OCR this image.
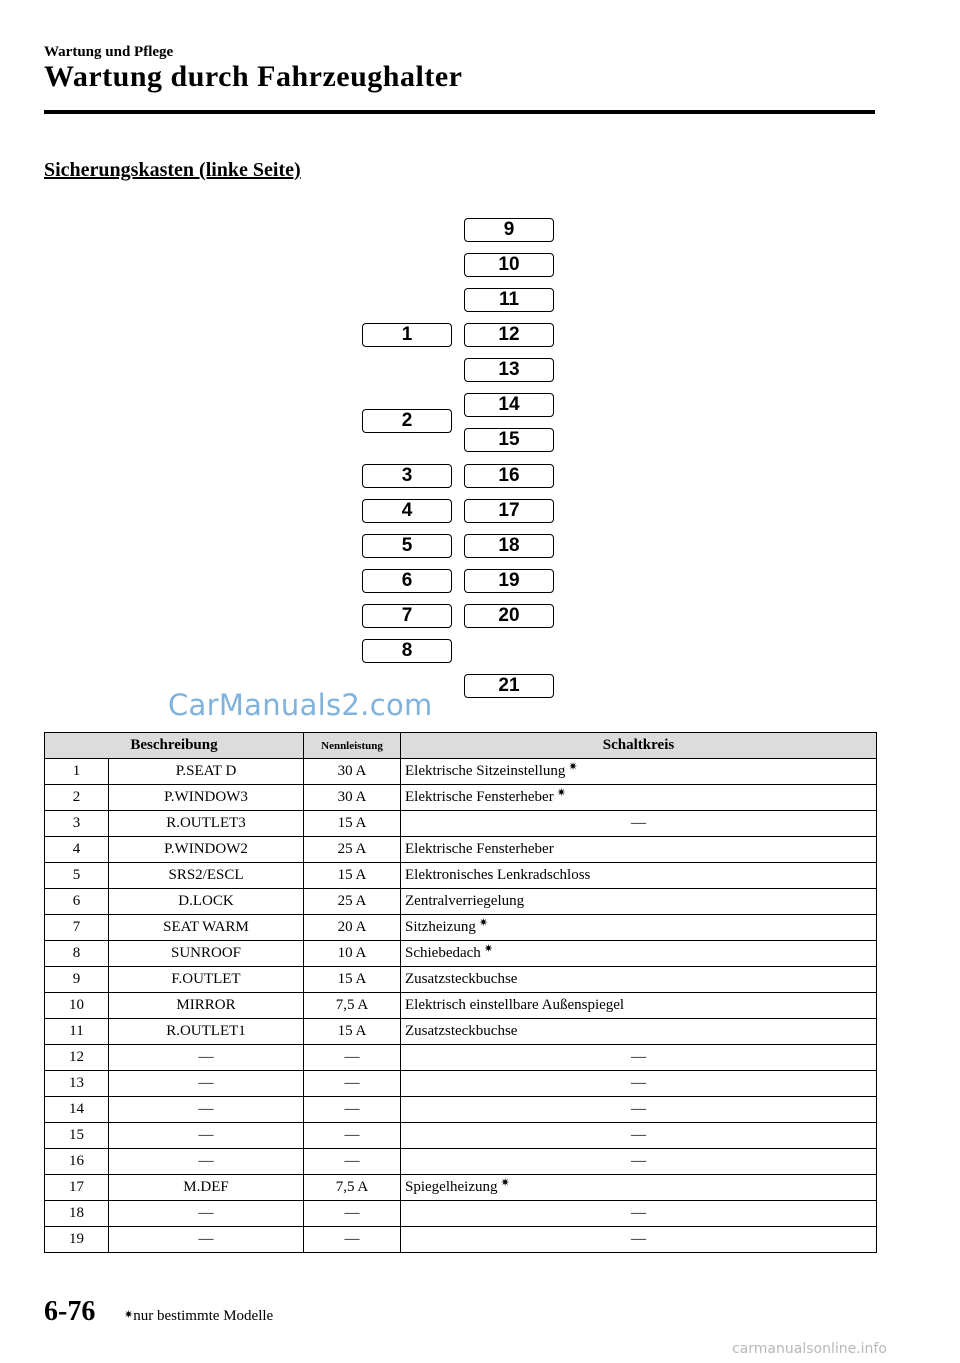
Wartung und Pflege
Wartung durch Fahrzeughalter
Sicherungskasten (linke Seite)
1
2
3
4
5
6
7
8
9
10
11
12
13
14
15
16
17
18
19
20
21
CarManuals2.com
Beschreibung		Nennleistung	Schaltkreis
1	P.SEAT D	30 A	Elektrische Sitzeinstellung ✷
2	P.WINDOW3	30 A	Elektrische Fensterheber ✷
3	R.OUTLET3	15 A	—
4	P.WINDOW2	25 A	Elektrische Fensterheber
5	SRS2/ESCL	15 A	Elektronisches Lenkradschloss
6	D.LOCK	25 A	Zentralverriegelung
7	SEAT WARM	20 A	Sitzheizung ✷
8	SUNROOF	10 A	Schiebedach ✷
9	F.OUTLET	15 A	Zusatzsteckbuchse
10	MIRROR	7,5 A	Elektrisch einstellbare Außenspiegel
11	R.OUTLET1	15 A	Zusatzsteckbuchse
12	—	—	—
13	—	—	—
14	—	—	—
15	—	—	—
16	—	—	—
17	M.DEF	7,5 A	Spiegelheizung ✷
18	—	—	—
19	—	—	—
6-76	✷nur bestimmte Modelle
carmanualsonline.info
